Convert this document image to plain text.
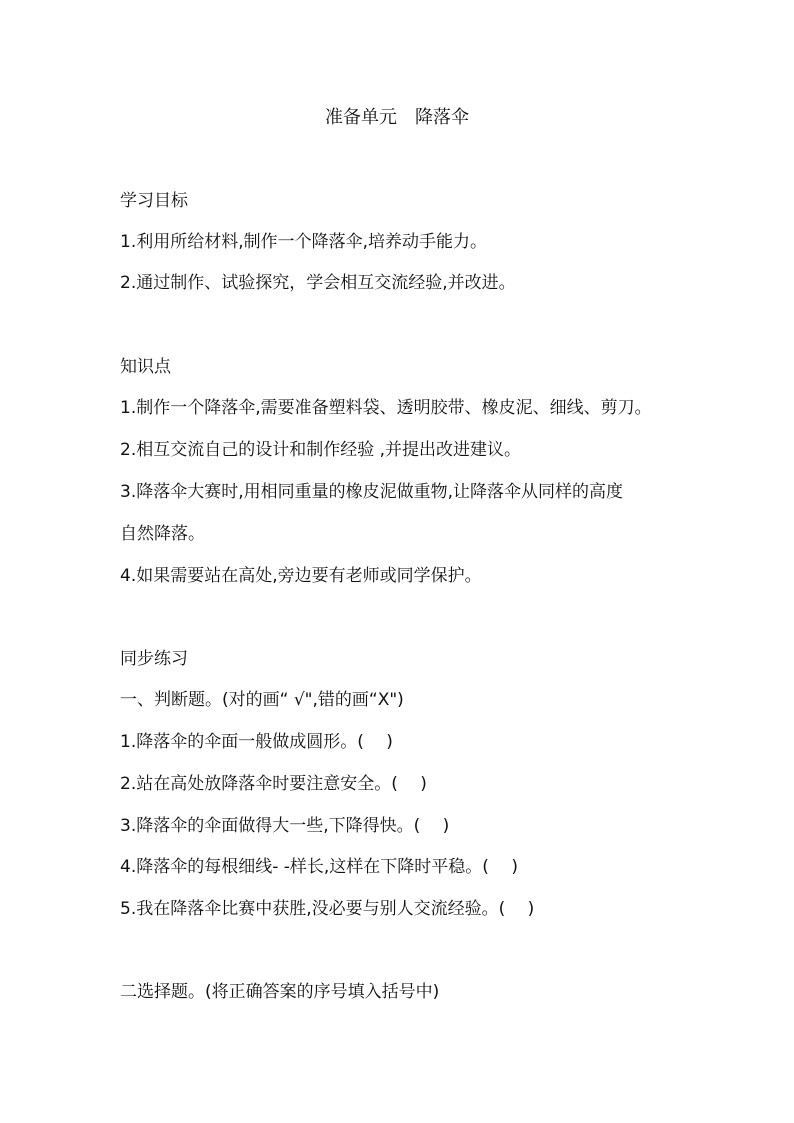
准备单元　降落伞
学习目标
1.利用所给材料,制作一个降落伞,培养动手能力。
2.通过制作、试验探究，学会相互交流经验,并改进。
知识点
1.制作一个降落伞,需要准备塑料袋、透明胶带、橡皮泥、细线、剪刀。
2.相互交流自己的设计和制作经验 ,并提出改进建议。
3.降落伞大赛时,用相同重量的橡皮泥做重物,让降落伞从同样的高度
自然降落。
4.如果需要站在高处,旁边要有老师或同学保护。
同步练习
一、判断题。(对的画“ √",错的画“X")
1.降落伞的伞面一般做成圆形。(　 )
2.站在高处放降落伞时要注意安全。(　 )
3.降落伞的伞面做得大一些,下降得快。(　 )
4.降落伞的每根细线- -样长,这样在下降时平稳。(　 )
5.我在降落伞比赛中获胜,没必要与别人交流经验。(　 )
二选择题。(将正确答案的序号填入括号中)
